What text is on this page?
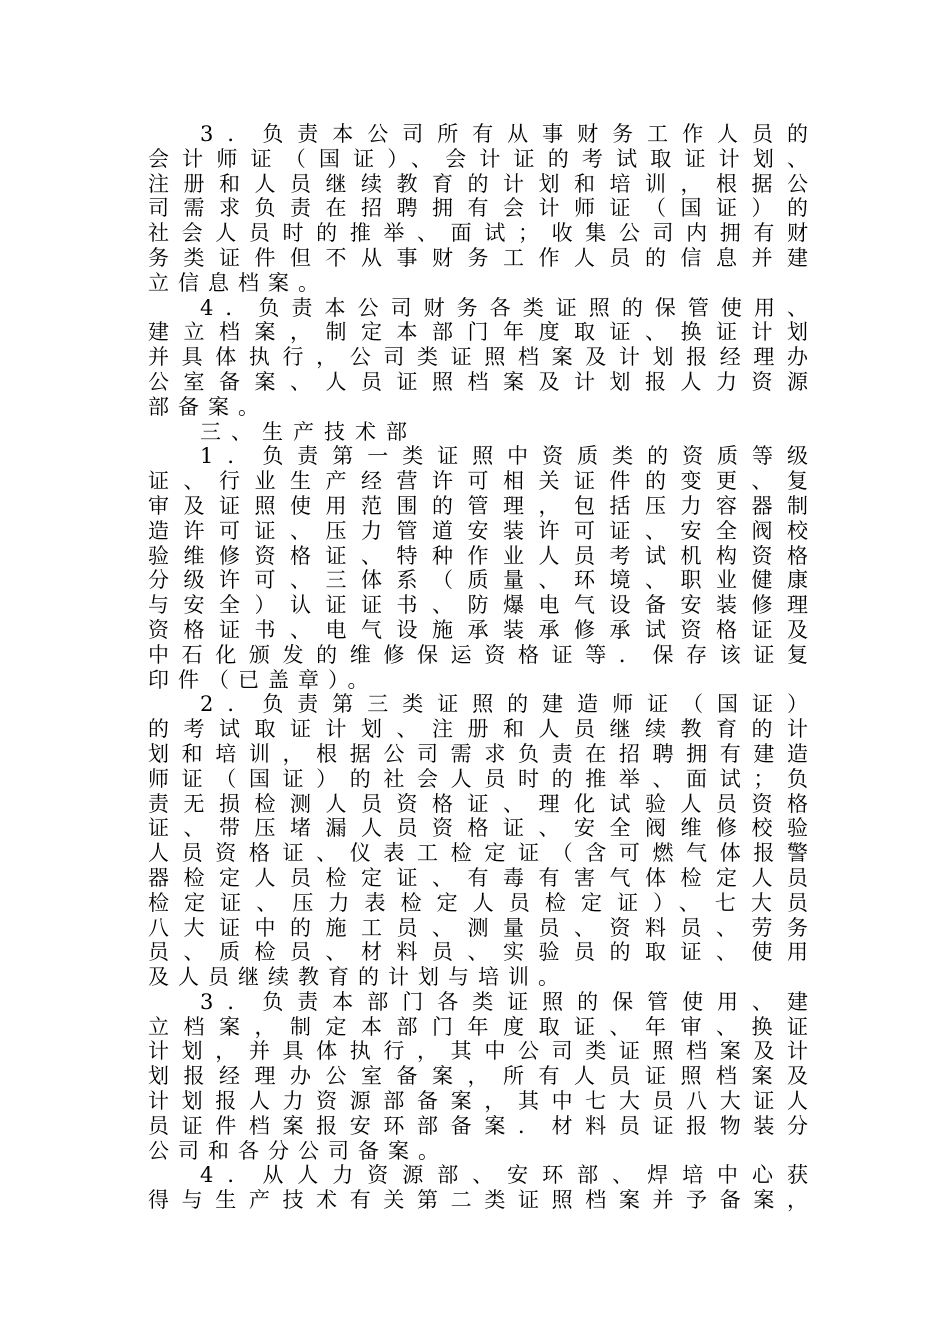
3．负责本公司所有从事财务工作人员的
会计师证（国证）、会计证的考试取证计划、
注册和人员继续教育的计划和培训，根据公
司需求负责在招聘拥有会计师证（国证）的
社会人员时的推举、面试；收集公司内拥有财
务类证件但不从事财务工作人员的信息并建
立信息档案。
4．负责本公司财务各类证照的保管使用、
建立档案，制定本部门年度取证、换证计划
并具体执行，公司类证照档案及计划报经理办
公室备案、人员证照档案及计划报人力资源
部备案。
三、生产技术部
1．负责第一类证照中资质类的资质等级
证、行业生产经营许可相关证件的变更、复
审及证照使用范围的管理，包括压力容器制
造许可证、压力管道安装许可证、安全阀校
验维修资格证、特种作业人员考试机构资格
分级许可、三体系（质量、环境、职业健康
与安全）认证证书、防爆电气设备安装修理
资格证书、电气设施承装承修承试资格证及
中石化颁发的维修保运资格证等．保存该证复
印件（已盖章）。
2．负责第三类证照的建造师证（国证）
的考试取证计划、注册和人员继续教育的计
划和培训，根据公司需求负责在招聘拥有建造
师证（国证）的社会人员时的推举、面试；负
责无损检测人员资格证、理化试验人员资格
证、带压堵漏人员资格证、安全阀维修校验
人员资格证、仪表工检定证（含可燃气体报警
器检定人员检定证、有毒有害气体检定人员
检定证、压力表检定人员检定证）、七大员
八大证中的施工员、测量员、资料员、劳务
员、质检员、材料员、实验员的取证、使用
及人员继续教育的计划与培训。
3．负责本部门各类证照的保管使用、建
立档案，制定本部门年度取证、年审、换证
计划，并具体执行，其中公司类证照档案及计
划报经理办公室备案，所有人员证照档案及
计划报人力资源部备案，其中七大员八大证人
员证件档案报安环部备案．材料员证报物装分
公司和各分公司备案。
4．从人力资源部、安环部、焊培中心获
得与生产技术有关第二类证照档案并予备案，
